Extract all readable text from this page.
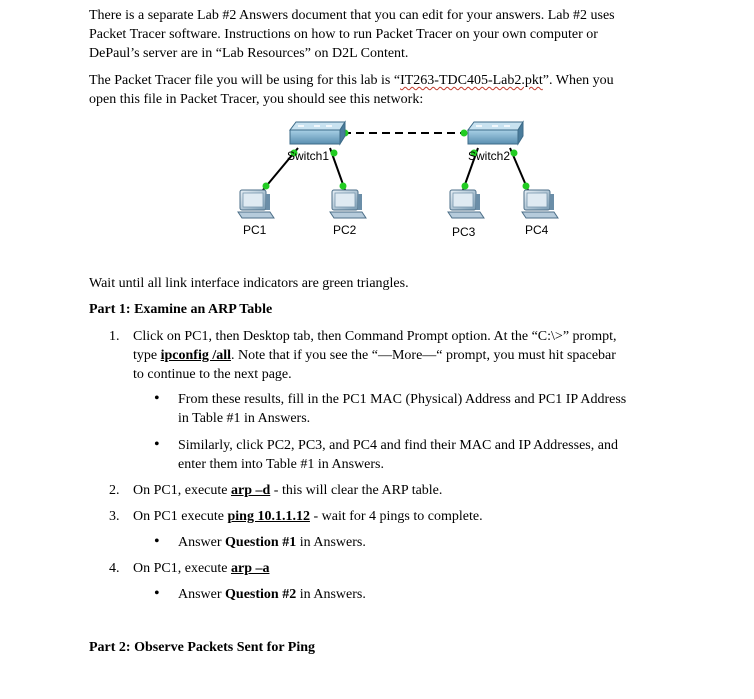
There is a separate Lab #2 Answers document that you can edit for your answers. Lab #2 uses
Packet Tracer software. Instructions on how to run Packet Tracer on your own computer or
DePaul’s server are in “Lab Resources” on D2L Content.
The Packet Tracer file you will be using for this lab is “IT263-TDC405-Lab2.pkt”. When you
open this file in Packet Tracer, you should see this network:
Switch1	Switch2
PC1	PC2	PC3	PC4
Wait until all link interface indicators are green triangles.
Part 1: Examine an ARP Table
1. Click on PC1, then Desktop tab, then Command Prompt option. At the “C:\>” prompt,
type ipconfig /all. Note that if you see the “—More—“ prompt, you must hit spacebar
to continue to the next page.
• From these results, fill in the PC1 MAC (Physical) Address and PC1 IP Address
in Table #1 in Answers.
• Similarly, click PC2, PC3, and PC4 and find their MAC and IP Addresses, and
enter them into Table #1 in Answers.
2. On PC1, execute arp –d - this will clear the ARP table.
3. On PC1 execute ping 10.1.1.12 - wait for 4 pings to complete.
• Answer Question #1 in Answers.
4. On PC1, execute arp –a
• Answer Question #2 in Answers.
Part 2: Observe Packets Sent for Ping
